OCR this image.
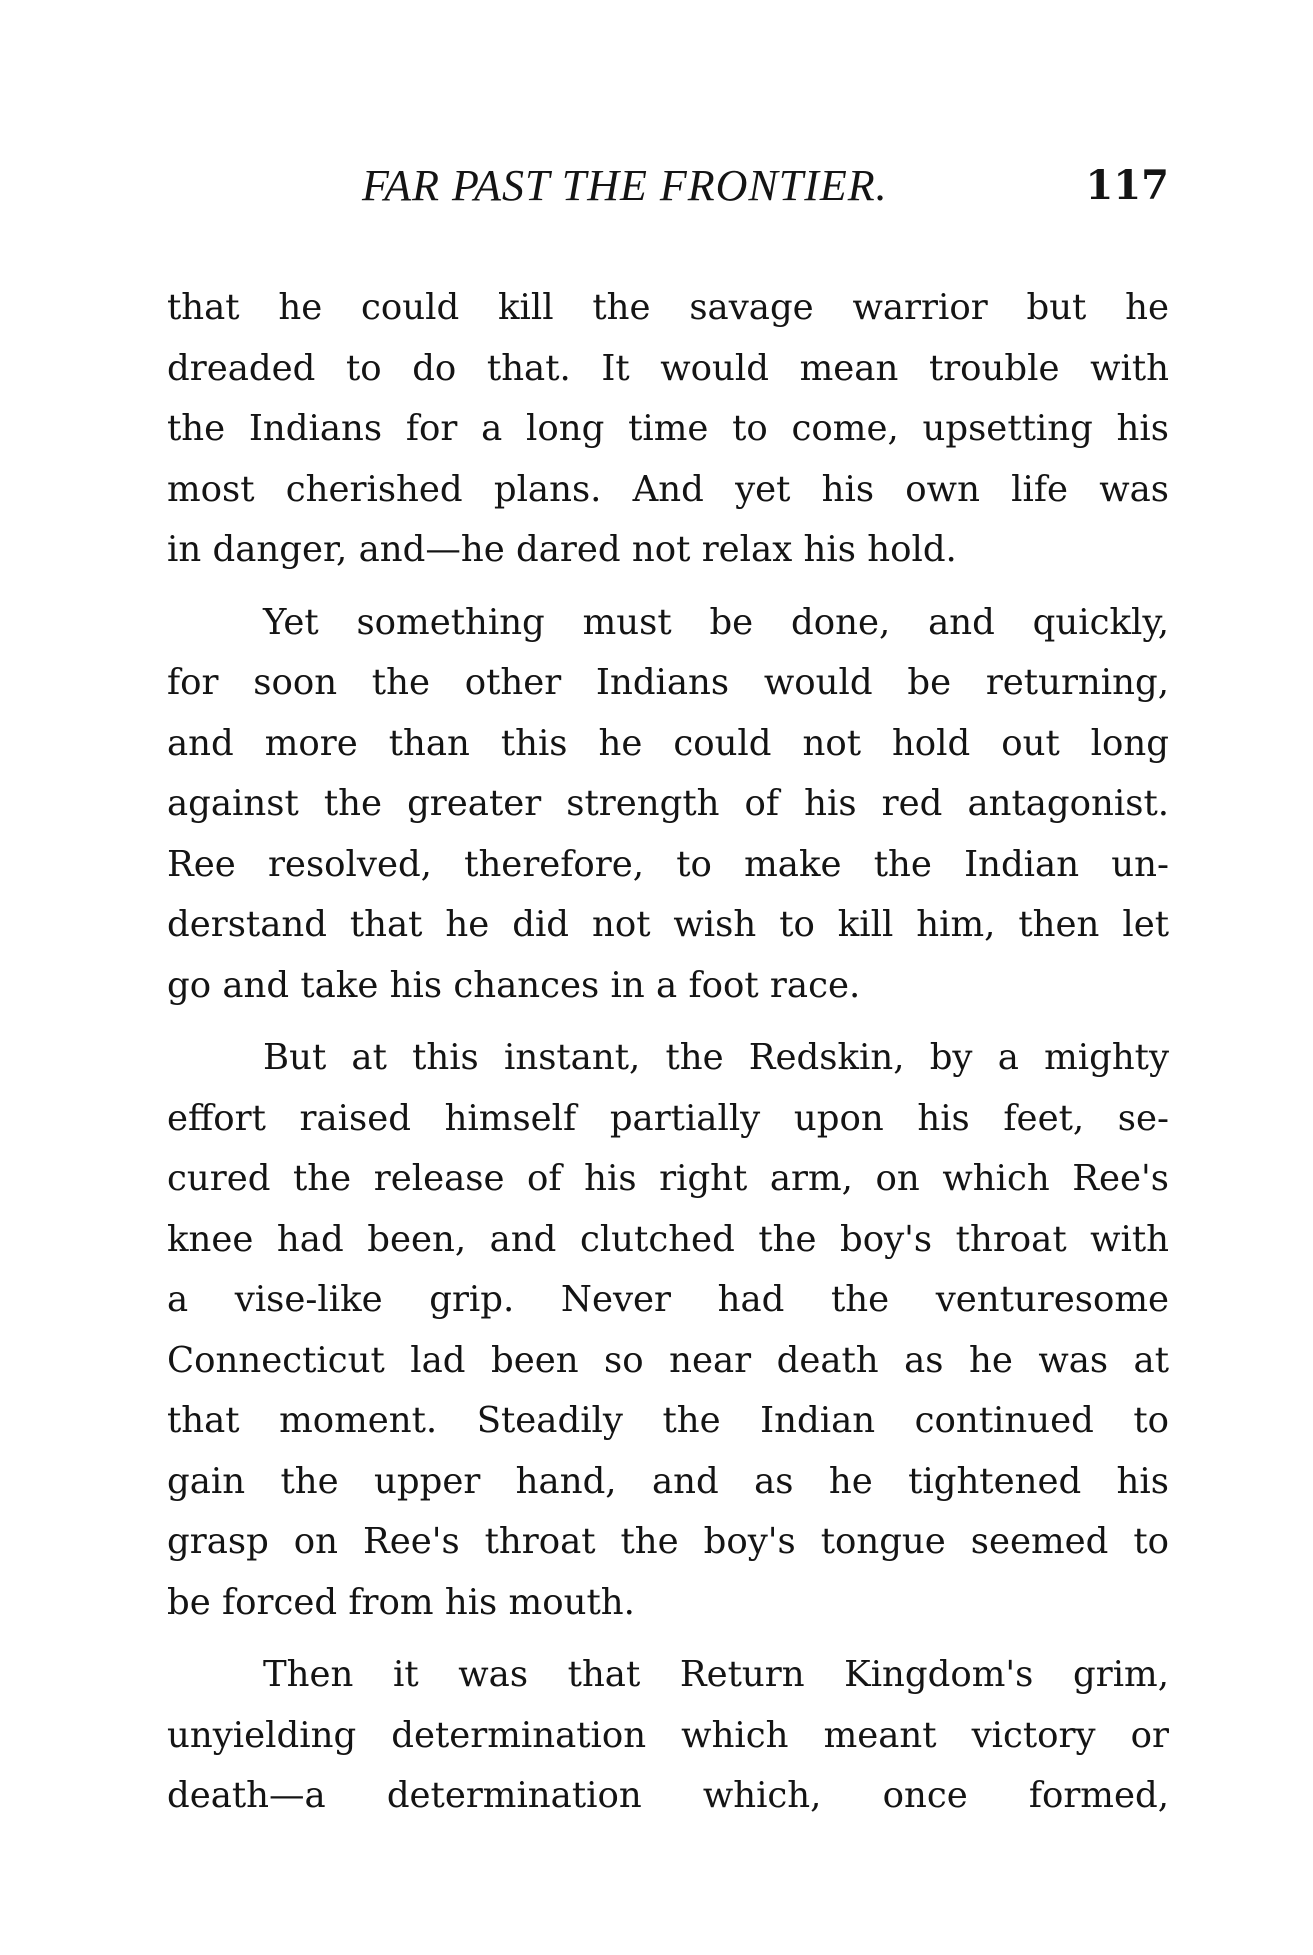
FAR PAST THE FRONTIER.	117
that he could kill the savage warrior but he
dreaded to do that. It would mean trouble with
the Indians for a long time to come, upsetting his
most cherished plans. And yet his own life was
in danger, and—he dared not relax his hold.
Yet something must be done, and quickly,
for soon the other Indians would be returning,
and more than this he could not hold out long
against the greater strength of his red antagonist.
Ree resolved, therefore, to make the Indian un-
derstand that he did not wish to kill him, then let
go and take his chances in a foot race.
But at this instant, the Redskin, by a mighty
effort raised himself partially upon his feet, se-
cured the release of his right arm, on which Ree's
knee had been, and clutched the boy's throat with
a vise-like grip. Never had the venturesome
Connecticut lad been so near death as he was at
that moment. Steadily the Indian continued to
gain the upper hand, and as he tightened his
grasp on Ree's throat the boy's tongue seemed to
be forced from his mouth.
Then it was that Return Kingdom's grim,
unyielding determination which meant victory or
death—a determination which, once formed,
